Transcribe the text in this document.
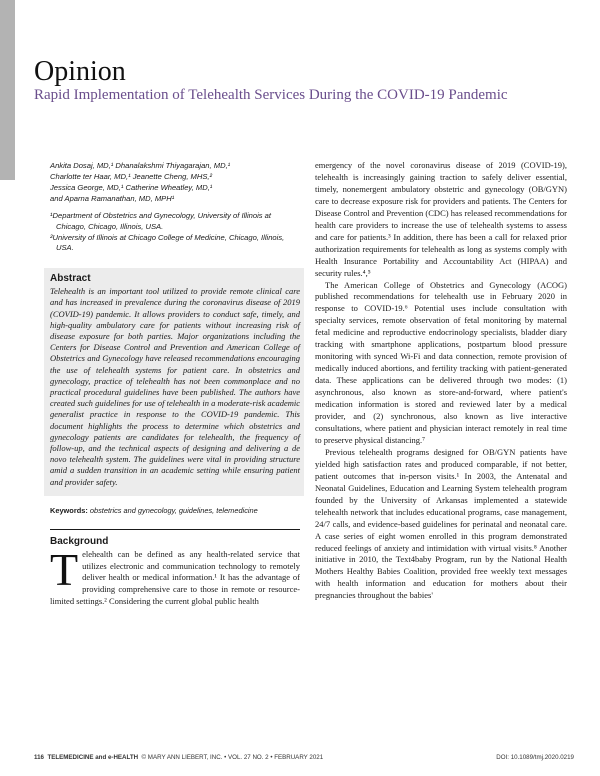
Opinion
Rapid Implementation of Telehealth Services During the COVID-19 Pandemic
Ankita Dosaj, MD,¹ Dhanalakshmi Thiyagarajan, MD,¹
Charlotte ter Haar, MD,¹ Jeanette Cheng, MHS,²
Jessica George, MD,¹ Catherine Wheatley, MD,¹
and Aparna Ramanathan, MD, MPH¹

¹Department of Obstetrics and Gynecology, University of Illinois at Chicago, Chicago, Illinois, USA.

²University of Illinois at Chicago College of Medicine, Chicago, Illinois, USA.

Abstract
Telehealth is an important tool utilized to provide remote clinical care and has increased in prevalence during the coronavirus disease of 2019 (COVID-19) pandemic. It allows providers to conduct safe, timely, and high-quality ambulatory care for patients without increasing risk of disease exposure for both parties. Major organizations including the Centers for Disease Control and Prevention and American College of Obstetrics and Gynecology have released recommendations encouraging the use of telehealth systems for patient care. In obstetrics and gynecology, practice of telehealth has not been commonplace and no practical procedural guidelines have been published. The authors have created such guidelines for use of telehealth in a moderate-risk academic generalist practice in response to the COVID-19 pandemic. This document highlights the process to determine which obstetrics and gynecology patients are candidates for telehealth, the frequency of follow-up, and the technical aspects of designing and delivering a de novo telehealth system. The guidelines were vital in providing structure amid a sudden transition in an academic setting while ensuring patient and provider safety.
Keywords: obstetrics and gynecology, guidelines, telemedicine
Background

Telehealth can be defined as any health-related service that utilizes electronic and communication technology to remotely deliver health or medical information.¹ It has the advantage of providing comprehensive care to those in remote or resource-limited settings.² Considering the current global public health

emergency of the novel coronavirus disease of 2019 (COVID-19), telehealth is increasingly gaining traction to safely deliver essential, timely, nonemergent ambulatory obstetric and gynecology (OB/GYN) care to decrease exposure risk for providers and patients. The Centers for Disease Control and Prevention (CDC) has released recommendations for health care providers to increase the use of telehealth systems to assess and care for patients.³ In addition, there has been a call for relaxed prior authorization requirements for telehealth as long as systems comply with Health Insurance Portability and Accountability Act (HIPAA) and security rules.⁴,⁵

The American College of Obstetrics and Gynecology (ACOG) published recommendations for telehealth use in February 2020 in response to COVID-19.⁶ Potential uses include consultation with specialty services, remote observation of fetal monitoring by maternal fetal medicine and reproductive endocrinology specialists, bladder diary tracking with smartphone applications, postpartum blood pressure monitoring with synced Wi-Fi and data connection, remote provision of medically induced abortions, and fertility tracking with patient-generated data. These applications can be delivered through two modes: (1) asynchronous, also known as store-and-forward, where patient's medication information is stored and reviewed later by a medical provider, and (2) synchronous, also known as live interactive consultations, where patient and physician interact remotely in real time to preserve physical distancing.⁷

Previous telehealth programs designed for OB/GYN patients have yielded high satisfaction rates and produced comparable, if not better, patient outcomes that in-person visits.¹ In 2003, the Antenatal and Neonatal Guidelines, Education and Learning System telehealth program founded by the University of Arkansas implemented a statewide telehealth network that includes educational programs, case management, 24/7 calls, and evidence-based guidelines for perinatal and neonatal care. A case series of eight women enrolled in this program demonstrated reduced feelings of anxiety and intimidation with virtual visits.⁸ Another initiative in 2010, the Text4baby Program, run by the National Health Mothers Healthy Babies Coalition, provided free weekly text messages with health information and education for mothers about their pregnancies throughout the babies'

116 TELEMEDICINE and e-HEALTH © MARY ANN LIEBERT, INC. • VOL. 27 NO. 2 • FEBRUARY 2021	DOI: 10.1089/tmj.2020.0219
